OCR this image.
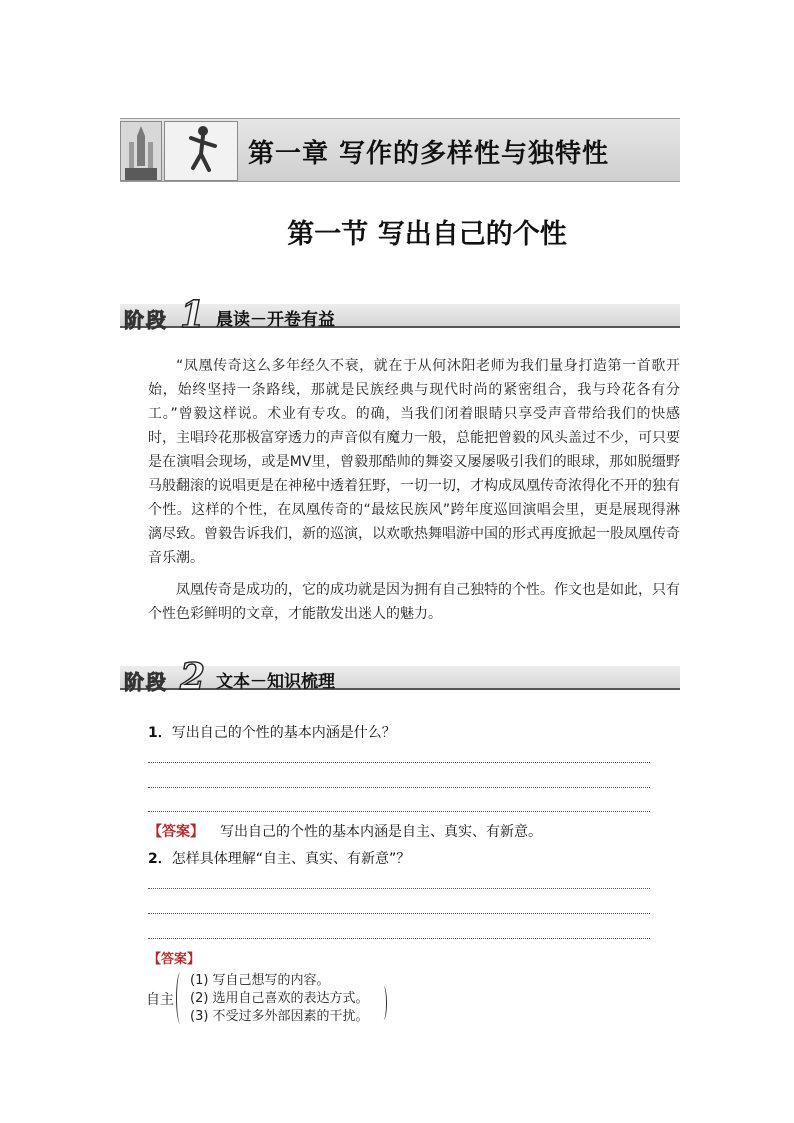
第一章 写作的多样性与独特性
第一节 写出自己的个性
阶段 1 晨读－开卷有益

“凤凰传奇这么多年经久不衰，就在于从何沐阳老师为我们量身打造第一首歌开始，始终坚持一条路线，那就是民族经典与现代时尚的紧密组合，我与玲花各有分工。”曾毅这样说。术业有专攻。的确，当我们闭着眼睛只享受声音带给我们的快感时，主唱玲花那极富穿透力的声音似有魔力一般，总能把曾毅的风头盖过不少，可只要是在演唱会现场，或是MV里，曾毅那酷帅的舞姿又屡屡吸引我们的眼球，那如脱缰野马般翻滚的说唱更是在神秘中透着狂野，一切一切，才构成凤凰传奇浓得化不开的独有个性。这样的个性，在凤凰传奇的“最炫民族风”跨年度巡回演唱会里，更是展现得淋漓尽致。曾毅告诉我们，新的巡演，以欢歌热舞唱游中国的形式再度掀起一股凤凰传奇音乐潮。

凤凰传奇是成功的，它的成功就是因为拥有自己独特的个性。作文也是如此，只有个性色彩鲜明的文章，才能散发出迷人的魅力。

阶段 2 文本－知识梳理
1．写出自己的个性的基本内涵是什么？
【答案】 写出自己的个性的基本内涵是自主、真实、有新意。
2．怎样具体理解“自主、真实、有新意”？
【答案】
自主
(1) 写自己想写的内容。
(2) 选用自己喜欢的表达方式。
(3) 不受过多外部因素的干扰。
